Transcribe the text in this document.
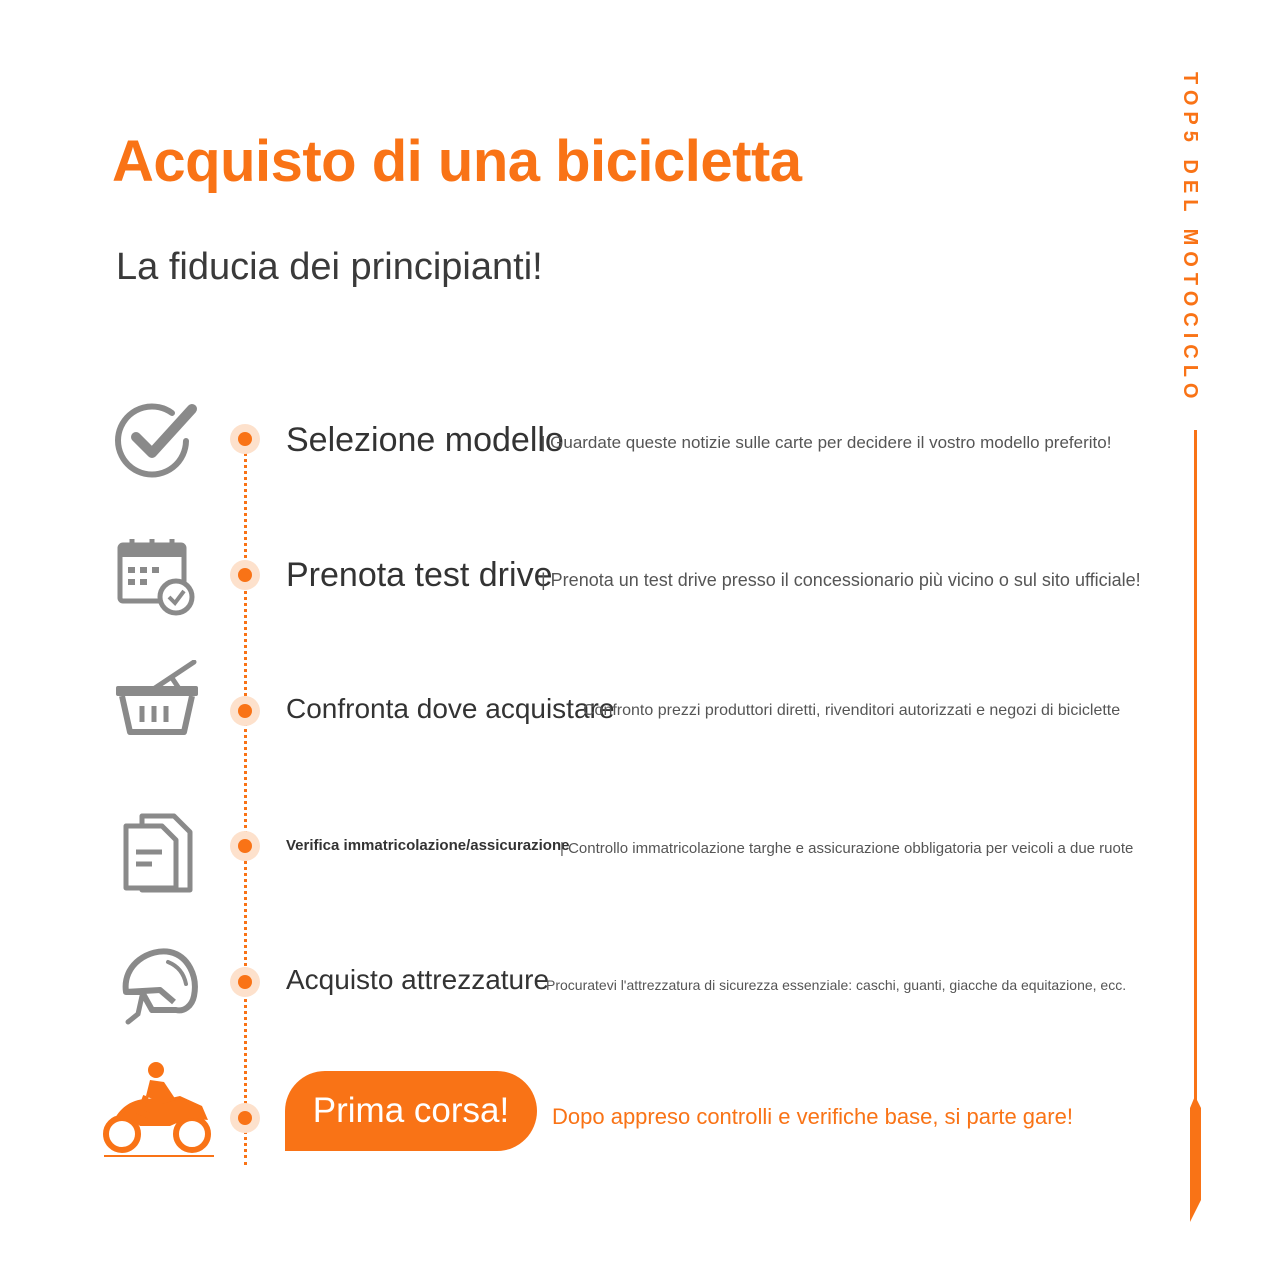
Acquisto di una bicicletta
La fiducia dei principianti!	TOP5 DEL MOTOCICLO
Selezione modello
| Guardate queste notizie sulle carte per decidere il vostro modello preferito!
Prenota test drive
| Prenota un test drive presso il concessionario più vicino o sul sito ufficiale!
Confronta dove acquistare
Confronto prezzi produttori diretti, rivenditori autorizzati e negozi di biciclette
Verifica immatricolazione/assicurazione
| Controllo immatricolazione targhe e assicurazione obbligatoria per veicoli a due ruote
Acquisto attrezzature
Procuratevi l'attrezzatura di sicurezza essenziale: caschi, guanti, giacche da equitazione, ecc.
Prima corsa!	Dopo appreso controlli e verifiche base, si parte gare!
